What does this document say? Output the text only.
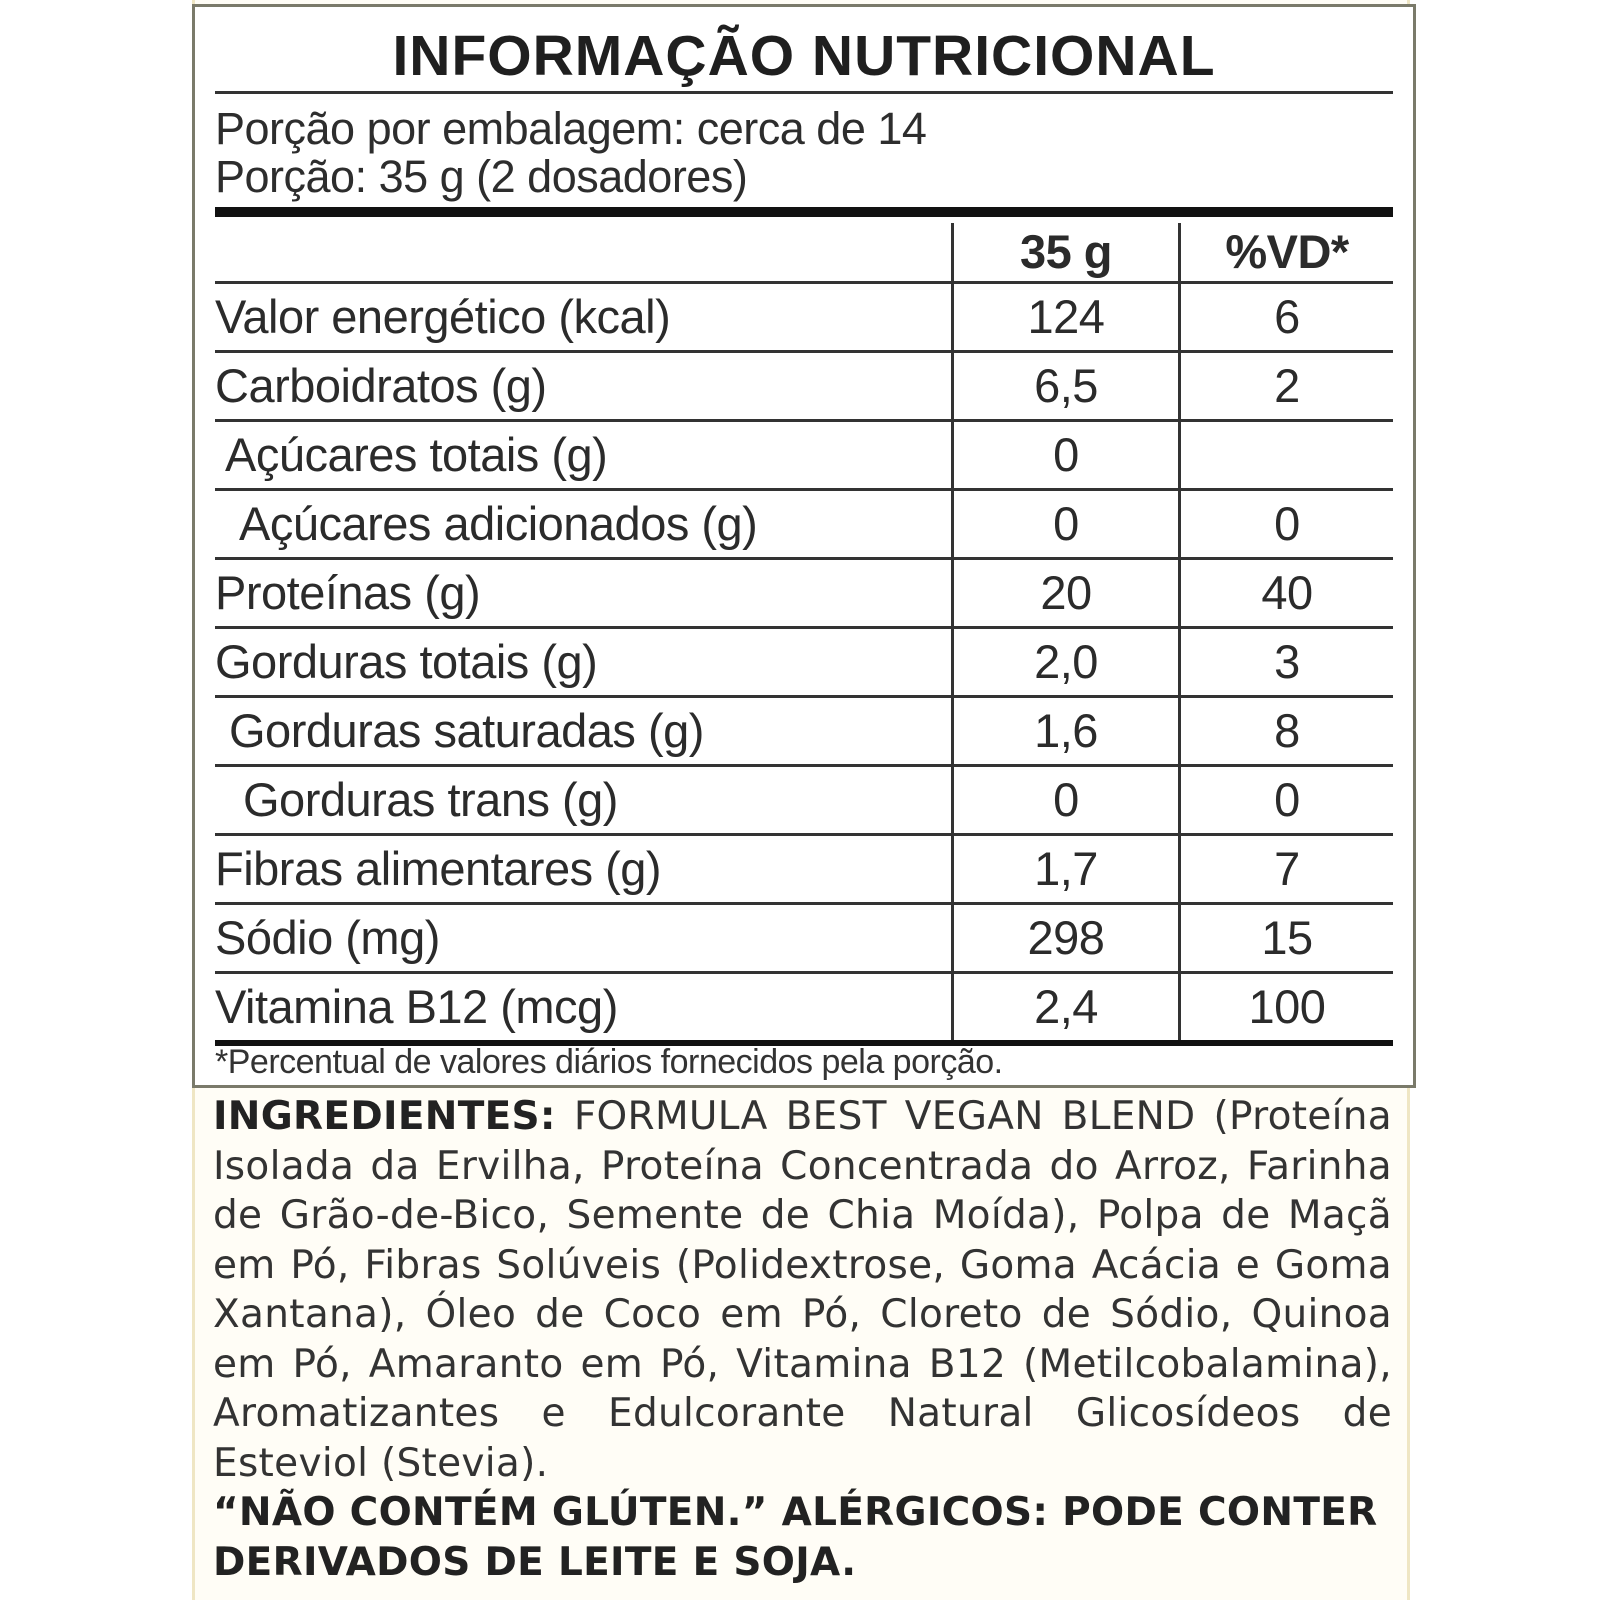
INFORMAÇÃO NUTRICIONAL
Porção por embalagem: cerca de 14
Porção: 35 g (2 dosadores)
	35 g	%VD*
Valor energético (kcal)	124	6
Carboidratos (g)	6,5	2
Açúcares totais (g)	0	
Açúcares adicionados (g)	0	0
Proteínas (g)	20	40
Gorduras totais (g)	2,0	3
Gorduras saturadas (g)	1,6	8
Gorduras trans (g)	0	0
Fibras alimentares (g)	1,7	7
Sódio (mg)	298	15
Vitamina B12 (mcg)	2,4	100
*Percentual de valores diários fornecidos pela porção.
INGREDIENTES: FORMULA BEST VEGAN BLEND (Proteína Isolada da Ervilha, Proteína Concentrada do Arroz, Farinha de Grão-de-Bico, Semente de Chia Moída), Polpa de Maçã em Pó, Fibras Solúveis (Polidextrose, Goma Acácia e Goma Xantana), Óleo de Coco em Pó, Cloreto de Sódio, Quinoa em Pó, Amaranto em Pó, Vitamina B12 (Metilcobalamina), Aromatizantes e Edulcorante Natural Glicosídeos de Esteviol (Stevia).
“NÃO CONTÉM GLÚTEN.” ALÉRGICOS: PODE CONTER DERIVADOS DE LEITE E SOJA.
